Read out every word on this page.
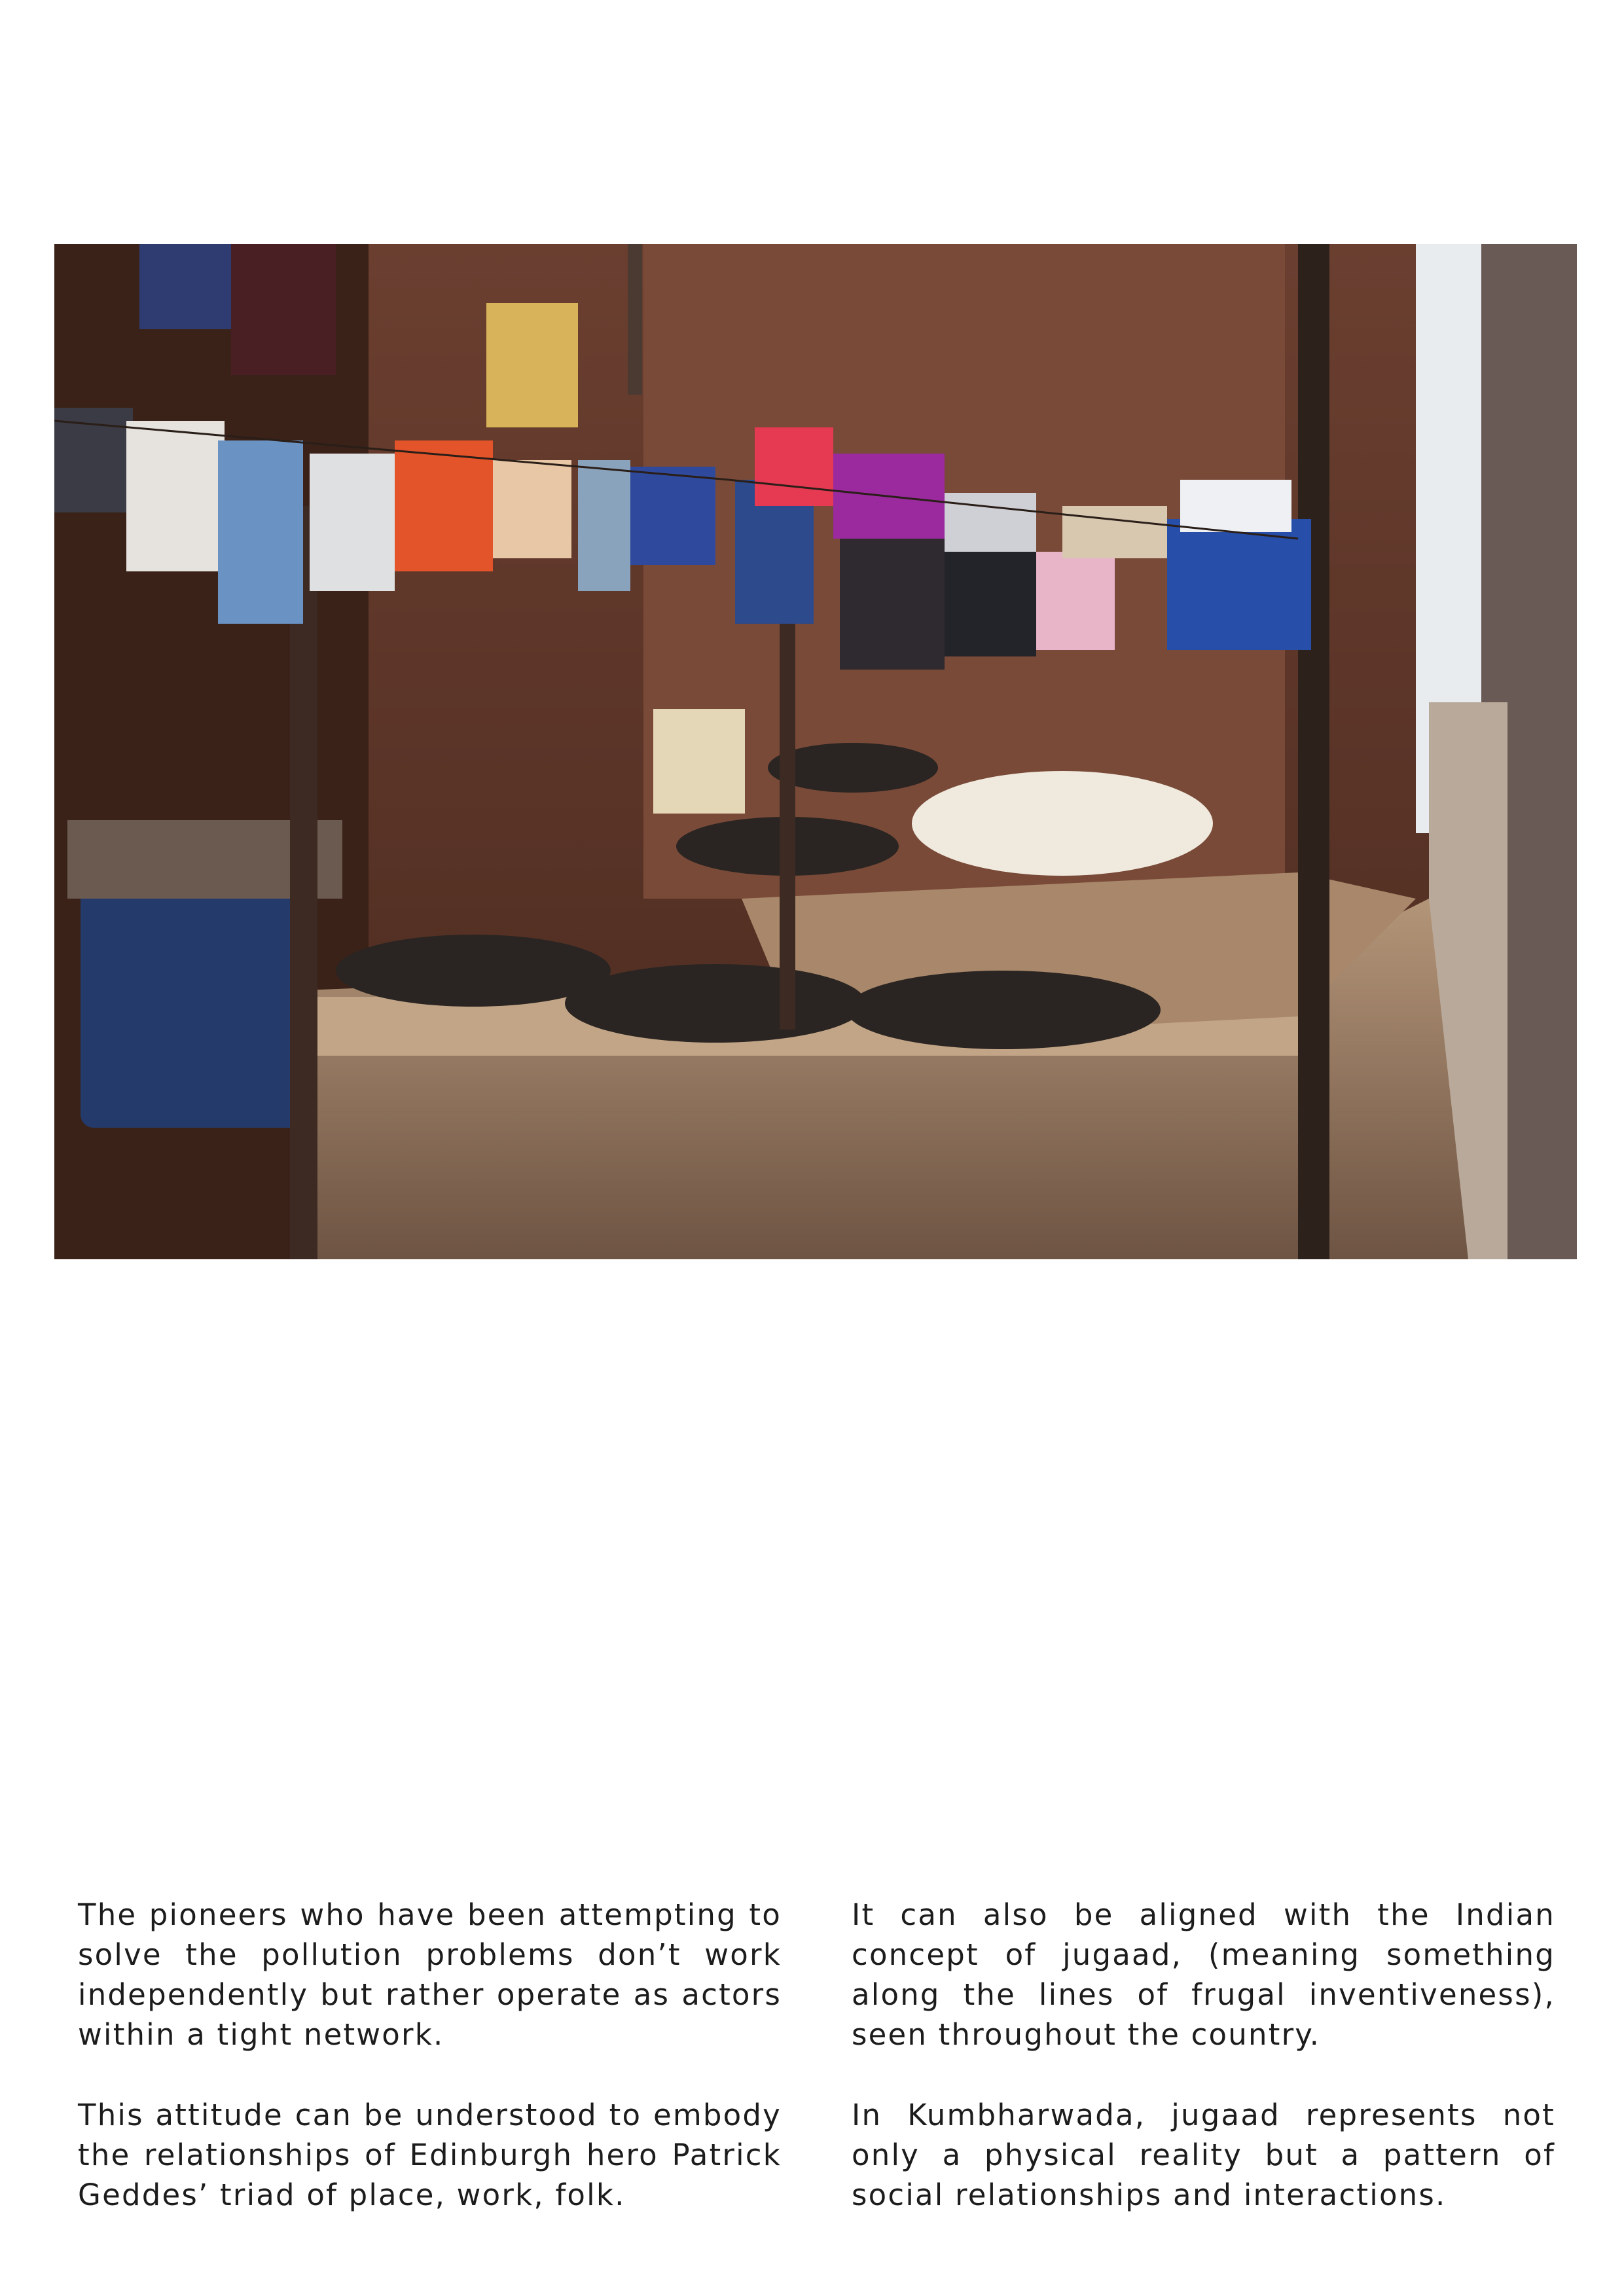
The pioneers who have been attempting to solve the pollution problems don’t work independently but rather operate as actors within a tight network.

This attitude can be understood to embody the relationships of Edinburgh hero Patrick Geddes’ triad of place, work, folk.

It can also be aligned with the Indian concept of jugaad, (meaning something along the lines of frugal inventiveness), seen throughout the country.

In Kumbharwada, jugaad represents not only a physical reality but a pattern of social relationships and interactions.
